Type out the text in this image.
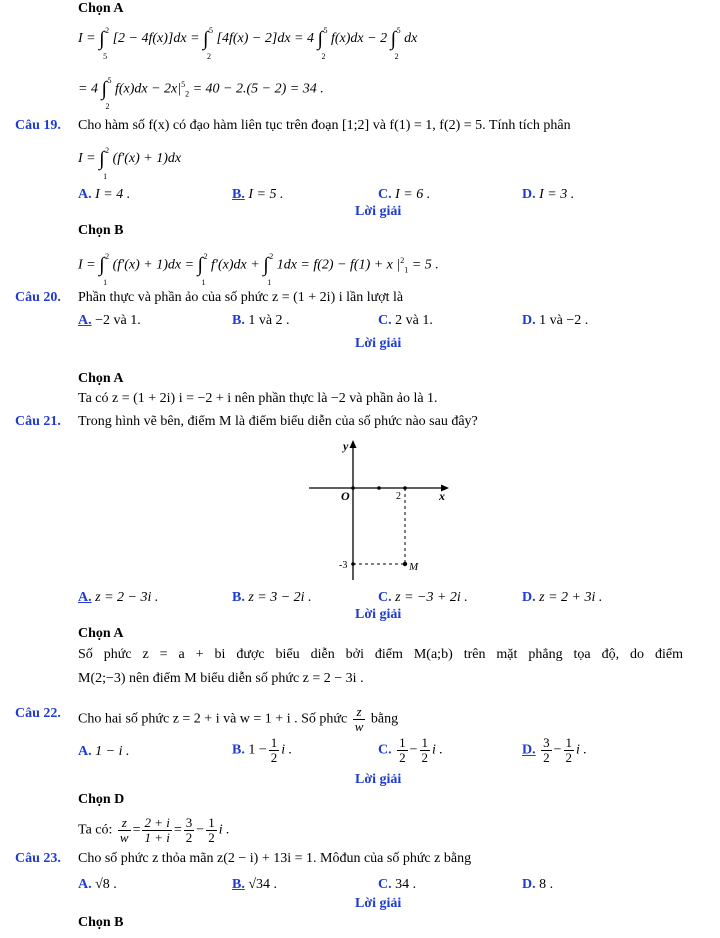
Chọn A
I = ∫ 2
5
[2 − 4f(x)]dx = ∫ 5
2
[4f(x) − 2]dx = 4 ∫ 5
2
f(x)dx − 2 ∫ 5
2
dx
= 4 ∫ 5
2
$f(x)dx - 2x|^5_2 = 40 - 2.(5 - 2) = 34$ .
Câu 19. Cho hàm số f(x) có đạo hàm liên tục trên đoạn [1;2] và f(1) = 1, f(2) = 5. Tính tích phân
I = ∫ 2
1
(f′(x) + 1)dx
A. I = 4 .	B. I = 5 .	C. I = 6 .	D. I = 3 .
Lời giải
Chọn B
I = ∫ 2
1
(f′(x) + 1)dx = ∫ 2
1
f′(x)dx + ∫ 2
1
1dx = f(2) − f(1) + x $|^2_1 = 5$ .
Câu 20. Phần thực và phần ảo của số phức z = (1 + 2i) i lần lượt là
A. −2 và 1.	B. 1 và 2 .	C. 2 và 1.	D. 1 và −2 .
Lời giải
Chọn A
Ta có z = (1 + 2i) i = −2 + i nên phần thực là −2 và phần ảo là 1.
Câu 21. Trong hình vẽ bên, điểm M là điểm biểu diễn của số phức nào sau đây?
y
x
O	2
-3	M
A. z = 2 − 3i .	B. z = 3 − 2i .	C. z = −3 + 2i .	D. z = 2 + 3i .
Lời giải
Chọn A
Số phức z = a + bi được biểu diễn bởi điểm M(a;b) trên mặt phẳng tọa độ, do điểm
M(2;−3) nên điểm M biểu diễn số phức z = 2 − 3i .
Câu 22. Cho hai số phức z = 2 + i và w = 1 + i . Số phức $\frac{z}{w}$ bằng
A. 1 − i .	B. $1 - \frac{1}{2}$ i .	C. $\frac{1}{2} - \frac{1}{2}$ i .	D. $\frac{3}{2} - \frac{1}{2}$ i .
Lời giải
Chọn D
Ta có: $\frac{z}{w} = \frac{2 + i}{1 + i} = \frac{3}{2} - \frac{1}{2}$ i .
Câu 23. Cho số phức z thỏa mãn z(2 − i) + 13i = 1. Môđun của số phức z bằng
A. √8 .	B. √34 .	C. 34 .	D. 8 .
Lời giải
Chọn B
